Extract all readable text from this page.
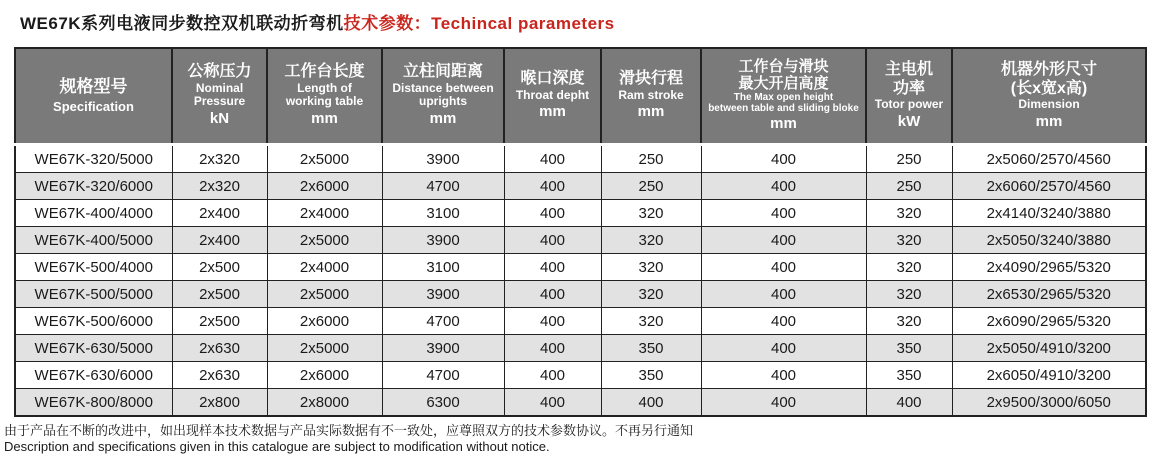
WE67K系列电液同步数控双机联动折弯机技术参数：Techincal parameters
规格型号
Specification

公称压力
Nominal
Pressure
kN

工作台长度
Length of
working table
mm

立柱间距离
Distance between
uprights
mm

喉口深度
Throat depht
mm

滑块行程
Ram stroke
mm

工作台与滑块
最大开启高度
The Max open height
between table and sliding bloke
mm

主电机
功率
Totor power
kW

机器外形尺寸
(长x宽x高)
Dimension
mm

WE67K-320/5000	2x320	2x5000	3900	400	250	400	250	2x5060/2570/4560
WE67K-320/6000	2x320	2x6000	4700	400	250	400	250	2x6060/2570/4560
WE67K-400/4000	2x400	2x4000	3100	400	320	400	320	2x4140/3240/3880
WE67K-400/5000	2x400	2x5000	3900	400	320	400	320	2x5050/3240/3880
WE67K-500/4000	2x500	2x4000	3100	400	320	400	320	2x4090/2965/5320
WE67K-500/5000	2x500	2x5000	3900	400	320	400	320	2x6530/2965/5320
WE67K-500/6000	2x500	2x6000	4700	400	320	400	320	2x6090/2965/5320
WE67K-630/5000	2x630	2x5000	3900	400	350	400	350	2x5050/4910/3200
WE67K-630/6000	2x630	2x6000	4700	400	350	400	350	2x6050/4910/3200
WE67K-800/8000	2x800	2x8000	6300	400	400	400	400	2x9500/3000/6050
由于产品在不断的改进中，如出现样本技术数据与产品实际数据有不一致处，应尊照双方的技术参数协议。不再另行通知
Description and specifications given in this catalogue are subject to modification without notice.
